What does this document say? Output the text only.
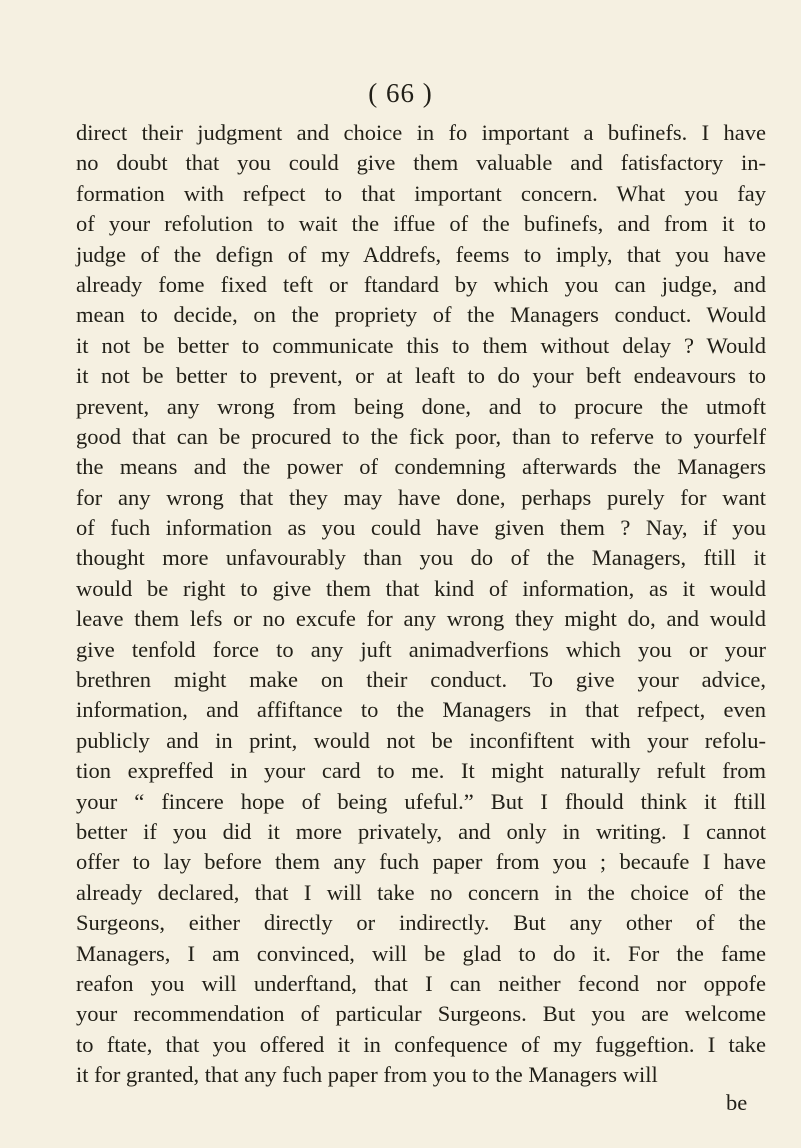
( 66 )
direct their judgment and choice in fo important a bufinefs. I have
no doubt that you could give them valuable and fatisfactory in-
formation with refpect to that important concern. What you fay
of your refolution to wait the iffue of the bufinefs, and from it to
judge of the defign of my Addrefs, feems to imply, that you have
already fome fixed teft or ftandard by which you can judge, and
mean to decide, on the propriety of the Managers conduct. Would
it not be better to communicate this to them without delay ? Would
it not be better to prevent, or at leaft to do your beft endeavours to
prevent, any wrong from being done, and to procure the utmoft
good that can be procured to the fick poor, than to referve to yourfelf
the means and the power of condemning afterwards the Managers
for any wrong that they may have done, perhaps purely for want
of fuch information as you could have given them ? Nay, if you
thought more unfavourably than you do of the Managers, ftill it
would be right to give them that kind of information, as it would
leave them lefs or no excufe for any wrong they might do, and would
give tenfold force to any juft animadverfions which you or your
brethren might make on their conduct. To give your advice,
information, and affiftance to the Managers in that refpect, even
publicly and in print, would not be inconfiftent with your refolu-
tion expreffed in your card to me. It might naturally refult from
your “ fincere hope of being ufeful.” But I fhould think it ftill
better if you did it more privately, and only in writing. I cannot
offer to lay before them any fuch paper from you ; becaufe I have
already declared, that I will take no concern in the choice of the
Surgeons, either directly or indirectly. But any other of the
Managers, I am convinced, will be glad to do it. For the fame
reafon you will underftand, that I can neither fecond nor oppofe
your recommendation of particular Surgeons. But you are welcome
to ftate, that you offered it in confequence of my fuggeftion. I take
it for granted, that any fuch paper from you to the Managers will
be
